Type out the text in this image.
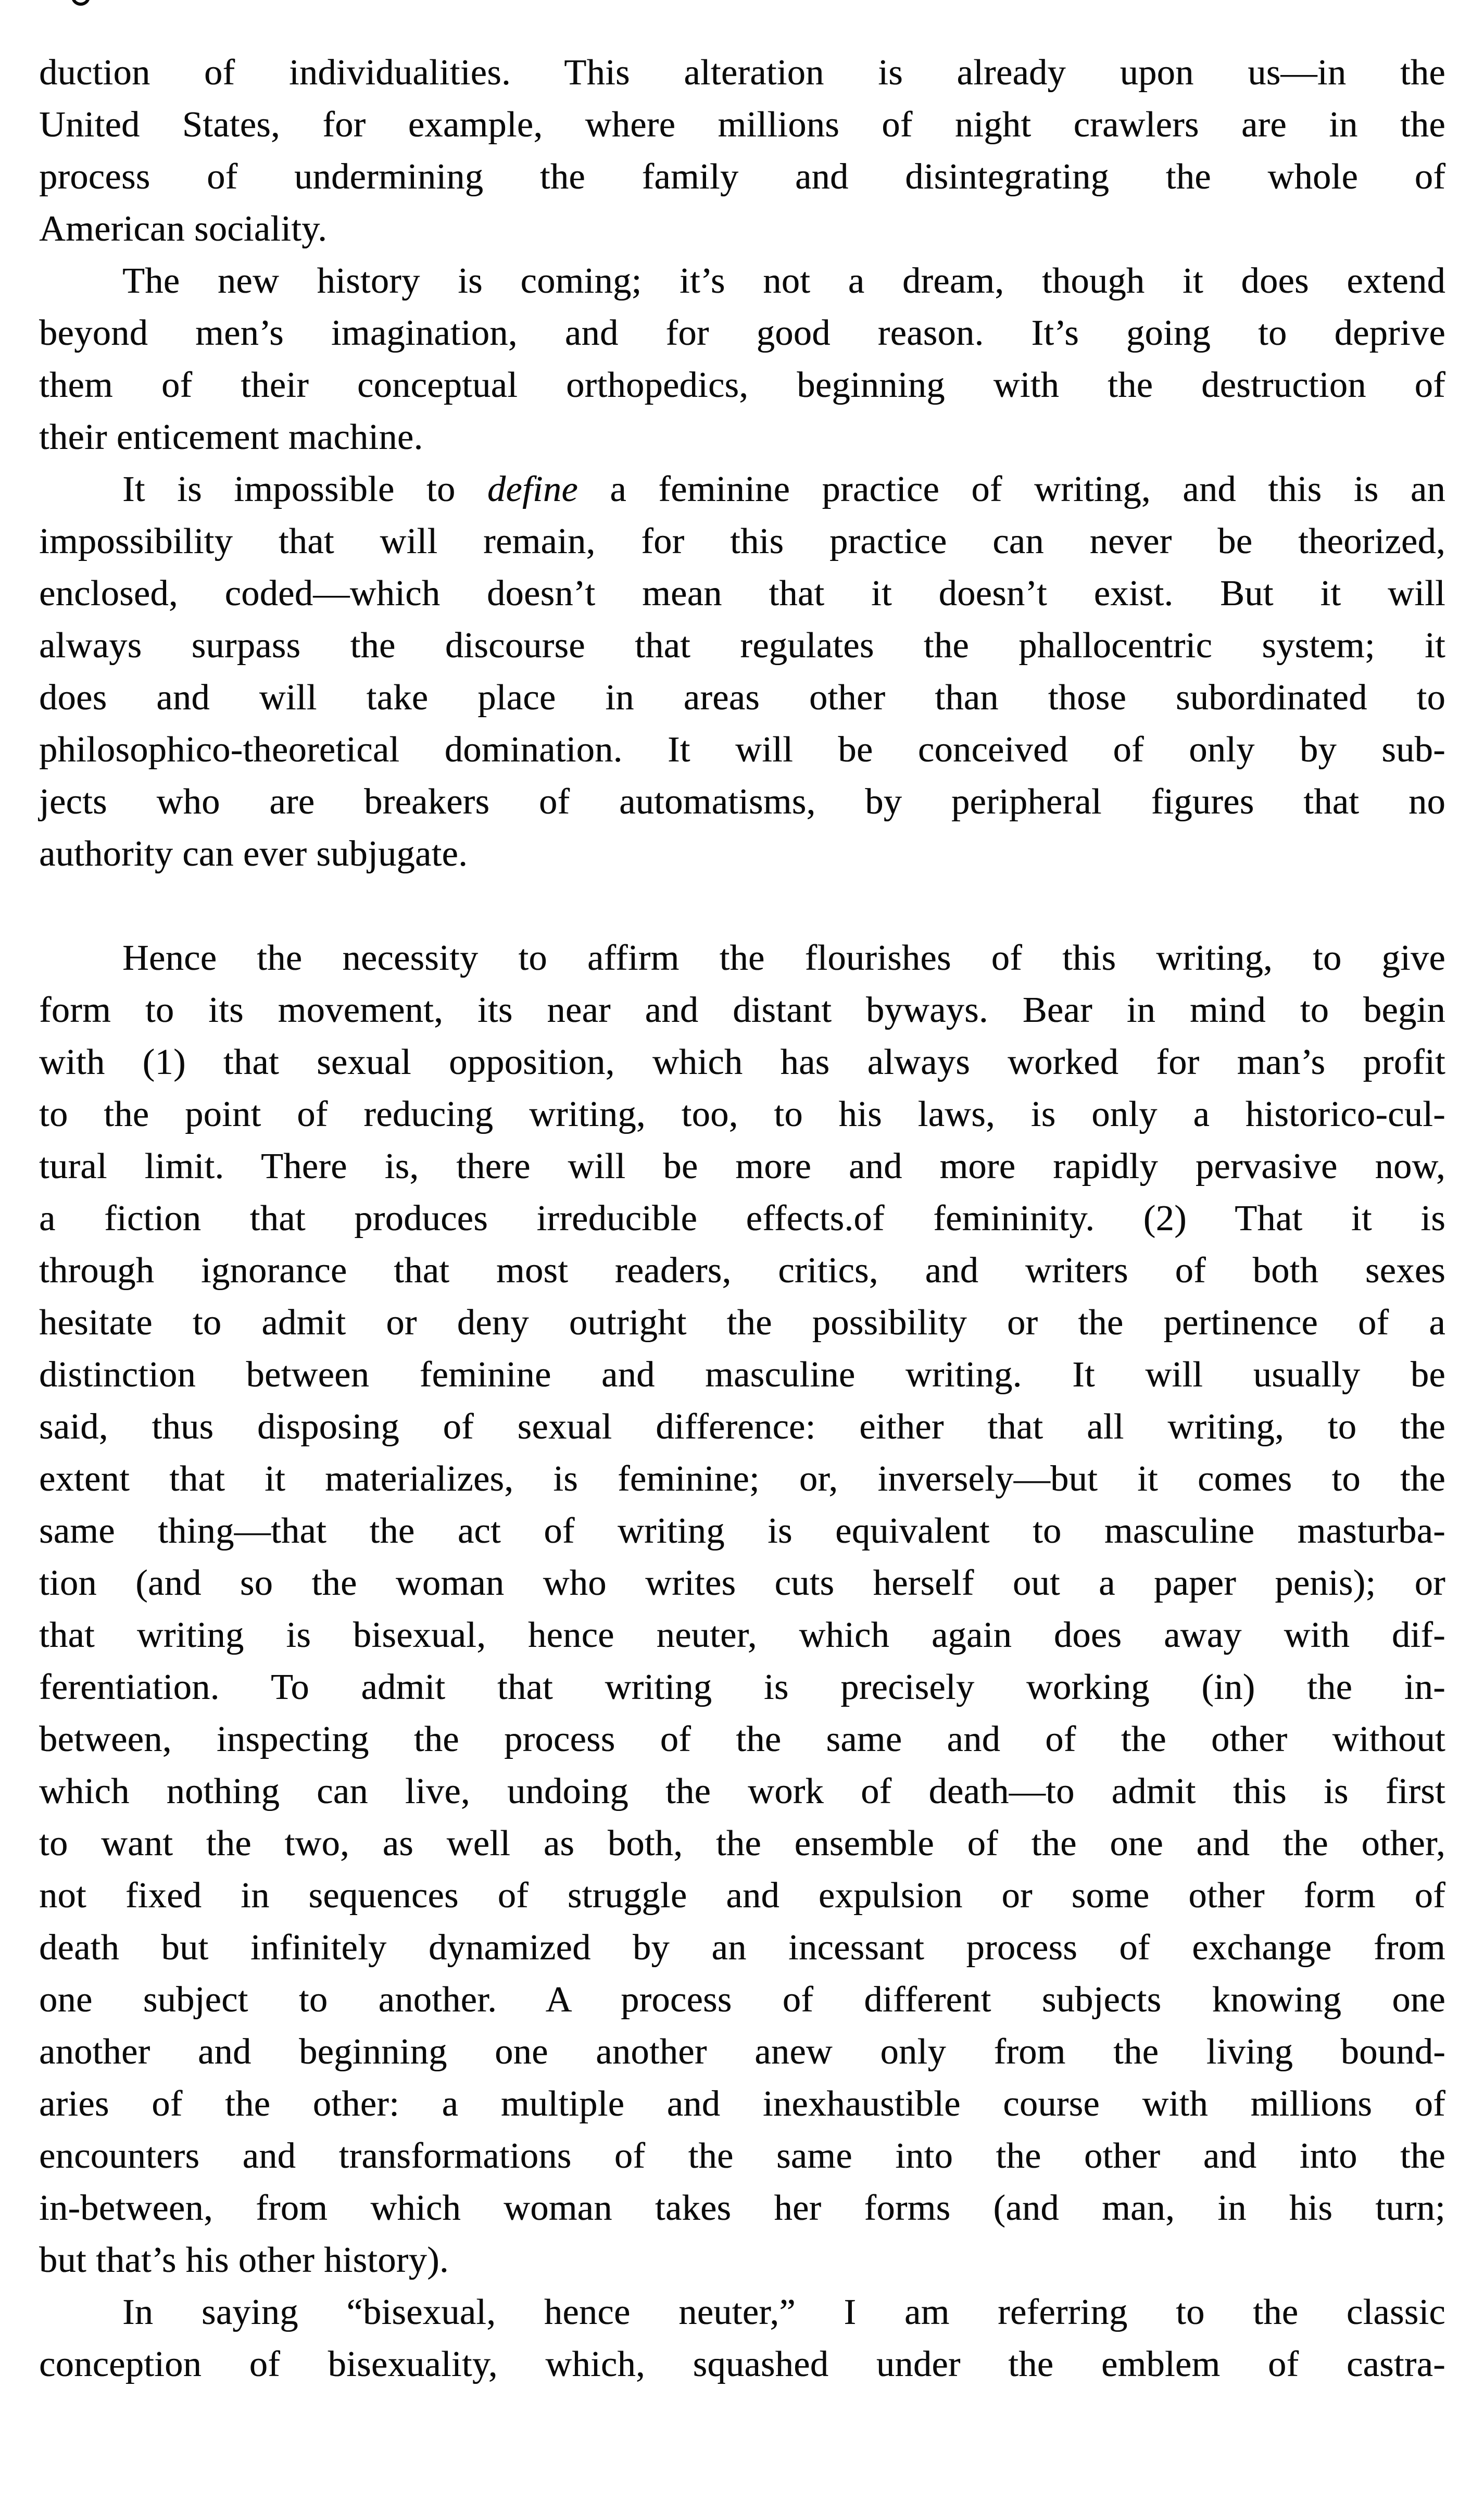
duction of individualities. This alteration is already upon us—in the
United States, for example, where millions of night crawlers are in the
process of undermining the family and disintegrating the whole of
American sociality.
The new history is coming; it’s not a dream, though it does extend
beyond men’s imagination, and for good reason. It’s going to deprive
them of their conceptual orthopedics, beginning with the destruction of
their enticement machine.
It is impossible to define a feminine practice of writing, and this is an
impossibility that will remain, for this practice can never be theorized,
enclosed, coded—which doesn’t mean that it doesn’t exist. But it will
always surpass the discourse that regulates the phallocentric system; it
does and will take place in areas other than those subordinated to
philosophico-theoretical domination. It will be conceived of only by sub-
jects who are breakers of automatisms, by peripheral figures that no
authority can ever subjugate.
Hence the necessity to affirm the flourishes of this writing, to give
form to its movement, its near and distant byways. Bear in mind to begin
with (1) that sexual opposition, which has always worked for man’s profit
to the point of reducing writing, too, to his laws, is only a historico-cul-
tural limit. There is, there will be more and more rapidly pervasive now,
a fiction that produces irreducible effects.of femininity. (2) That it is
through ignorance that most readers, critics, and writers of both sexes
hesitate to admit or deny outright the possibility or the pertinence of a
distinction between feminine and masculine writing. It will usually be
said, thus disposing of sexual difference: either that all writing, to the
extent that it materializes, is feminine; or, inversely—but it comes to the
same thing—that the act of writing is equivalent to masculine masturba-
tion (and so the woman who writes cuts herself out a paper penis); or
that writing is bisexual, hence neuter, which again does away with dif-
ferentiation. To admit that writing is precisely working (in) the in-
between, inspecting the process of the same and of the other without
which nothing can live, undoing the work of death—to admit this is first
to want the two, as well as both, the ensemble of the one and the other,
not fixed in sequences of struggle and expulsion or some other form of
death but infinitely dynamized by an incessant process of exchange from
one subject to another. A process of different subjects knowing one
another and beginning one another anew only from the living bound-
aries of the other: a multiple and inexhaustible course with millions of
encounters and transformations of the same into the other and into the
in-between, from which woman takes her forms (and man, in his turn;
but that’s his other history).
In saying “bisexual, hence neuter,” I am referring to the classic
conception of bisexuality, which, squashed under the emblem of castra-
